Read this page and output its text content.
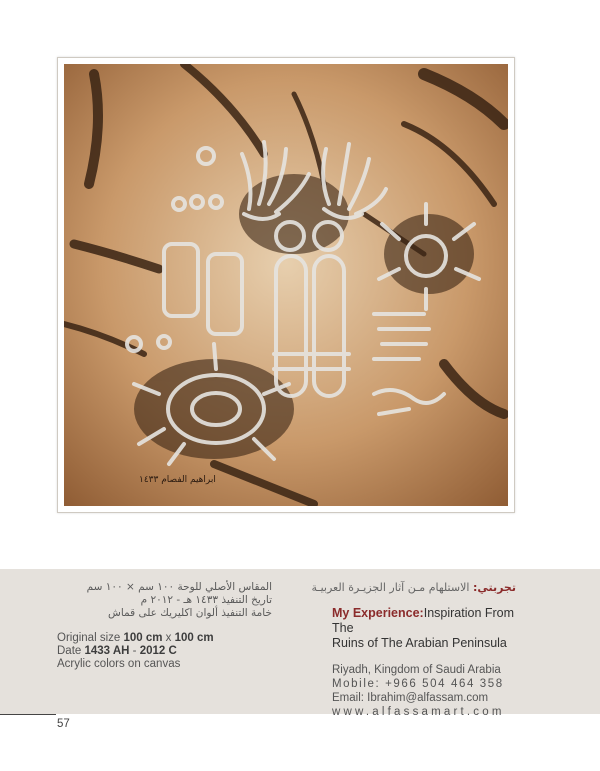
ابراهيم الفصام ١٤٣٣
المقاس الأصلي للوحة ١٠٠ سم × ١٠٠ سم
تاريخ التنفيذ ١٤٣٣ هـ - ٢٠١٢ م
خامة التنفيذ ألوان اكليريك على قماش
Original size 100 cm x 100 cm
Date 1433 AH - 2012 C
Acrylic colors on canvas
تجربتي: الاستلهام مـن آثار الجزيـرة العربيـة
My Experience:Inspiration From The
Ruins of The Arabian Peninsula
Riyadh, Kingdom of Saudi Arabia
Mobile: +966 504 464 358
Email: Ibrahim@alfassam.com
www.alfassamart.com
57
